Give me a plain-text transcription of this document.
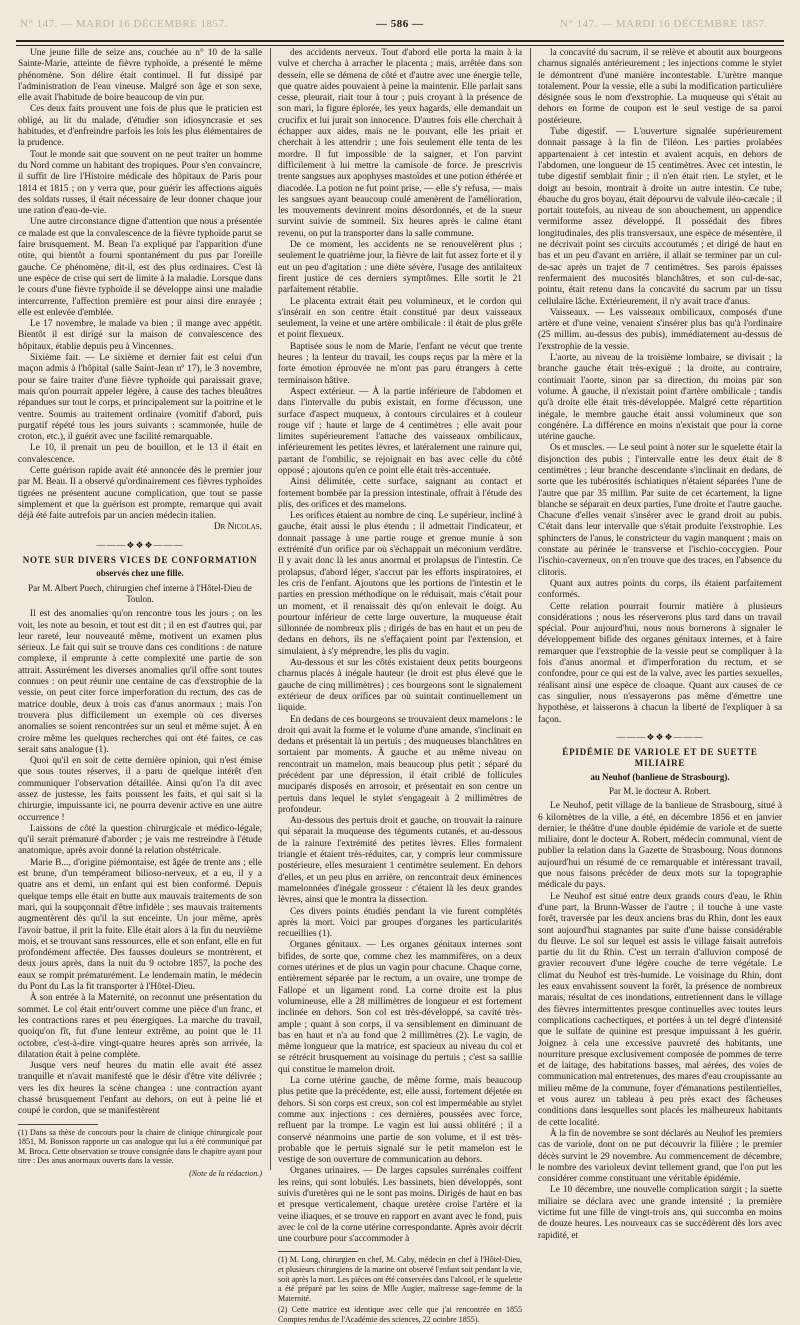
N° 147. — MARDI 16 DÉCEMBRE 1857.	— 586 —	N° 147. — MARDI 16 DÉCEMBRE 1857.

Une jeune fille de seize ans, couchée au n° 10 de la salle Sainte-Marie, atteinte de fièvre typhoïde, a présenté le même phénomène. Son délire était continuel. Il fut dissipé par l'administration de l'eau vineuse. Malgré son âge et son sexe, elle avait l'habitude de boire beaucoup de vin pur.

Ces deux faits prouvent une fois de plus que le praticien est obligé, au lit du malade, d'étudier son idiosyncrasie et ses habitudes, et d'enfreindre parfois les lois les plus élémentaires de la prudence.

Tout le monde sait que souvent on ne peut traiter un homme du Nord comme un habitant des tropiques. Pour s'en convaincre, il suffit de lire l'Histoire médicale des hôpitaux de Paris pour 1814 et 1815 ; on y verra que, pour guérir les affections aiguës des soldats russes, il était nécessaire de leur donner chaque jour une ration d'eau-de-vie.

Une autre circonstance digne d'attention que nous a présentée ce malade est que la convalescence de la fièvre typhoïde parut se faire brusquement. M. Bean l'a expliqué par l'apparition d'une otite, qui bientôt a fourni spontanément du pus par l'oreille gauche. Ce phénomène, dit-il, est des plus ordinaires. C'est là une espèce de crise qui sert de limite à la maladie. Lorsque dans le cours d'une fièvre typhoïde il se développe ainsi une maladie intercurrente, l'affection première est pour ainsi dire enrayée ; elle est enlevée d'emblée.

Le 17 novembre, le malade va bien ; il mange avec appétit. Bientôt il est dirigé sur la maison de convalescence des hôpitaux, établie depuis peu à Vincennes.

Sixième fait. — Le sixième et dernier fait est celui d'un maçon admis à l'hôpital (salle Saint-Jean nº 17), le 3 novembre, pour se faire traiter d'une fièvre typhoïde qui paraissait grave, mais qu'on pourrait appeler légère, à cause des taches bleuâtres répandues sur tout le corps, et principalement sur la poitrine et le ventre. Soumis au traitement ordinaire (vomitif d'abord, puis purgatif répété tous les jours suivants : scammonée, huile de croton, etc.), il guérit avec une facilité remarquable.

Le 10, il prenait un peu de bouillon, et le 13 il était en convalescence.

Cette guérison rapide avait été annoncée dès le premier jour par M. Beau. Il a observé qu'ordinairement ces fièvres typhoïdes tigrées ne présentent aucune complication, que tout se passe simplement et que la guérison est prompte, remarque qui avait déjà été faite autrefois par un ancien médecin italien.

Dr Nicolas.

———❖❖❖———
NOTE SUR DIVERS VICES DE CONFORMATION
observés chez une fille.
Par M. Albert Puech, chirurgien chef interne à l'Hôtel-Dieu de Toulon.

Il est des anomalies qu'on rencontre tous les jours ; on les voit, les note au besoin, et tout est dit ; il en est d'autres qui, par leur rareté, leur nouveauté même, motivent un examen plus sérieux. Le fait qui suit se trouve dans ces conditions : de nature complexe, il emprunte à cette complexité une partie de son attrait. Assurément les diverses anomalies qu'il offre sont toutes connues : on peut réunir une centaine de cas d'exstrophie de la vessie, on peut citer force imperforation du rectum, des cas de matrice double, deux à trois cas d'anus anormaux ; mais l'on trouvera plus difficilement un exemple où ces diverses anomalies se soient rencontrées sur un seul et même sujet. À en croire même les quelques recherches qui ont été faites, ce cas serait sans analogue (1).

Quoi qu'il en soit de cette dernière opinion, qui n'est émise que sous toutes réserves, il a paru de quelque intérêt d'en communiquer l'observation détaillée. Ainsi qu'on l'a dit avec assez de justesse, les faits poussent les faits, et qui sait si la chirurgie, impuissante ici, ne pourra devenir active en une autre occurrence !

Laissons de côté la question chirurgicale et médico-légale, qu'il serait prématuré d'aborder ; je vais me restreindre à l'étude anatomique, après avoir donné la relation obstétricale.

Marie B..., d'origine piémontaise, est âgée de trente ans ; elle est brune, d'un tempérament bilioso-nerveux, et a eu, il y a quatre ans et demi, un enfant qui est bien conformé. Depuis quelque temps elle était en butte aux mauvais traitements de son mari, qui la soupçonnait d'être infidèle ; ses mauvais traitements augmentèrent dès qu'il la sut enceinte. Un jour même, après l'avoir battue, il prit la fuite. Elle était alors à la fin du neuvième mois, et se trouvant sans ressources, elle et son enfant, elle en fut profondément affectée. Des fausses douleurs se montrèrent, et deux jours après, dans la nuit du 9 octobre 1857, la poche des eaux se rompit prématurément. Le lendemain matin, le médecin du Pont du Las la fit transporter à l'Hôtel-Dieu.

À son entrée à la Maternité, on reconnut une présentation du sommet. Le col était entr'ouvert comme une pièce d'un franc, et les contractions rares et peu énergiques. La marche du travail, quoiqu'on fît, fut d'une lenteur extrême, au point que le 11 octobre, c'est-à-dire vingt-quatre heures après son arrivée, la dilatation était à peine complète.

Jusque vers neuf heures du matin elle avait été assez tranquille et n'avait manifesté que le désir d'être vite délivrée ; vers les dix heures la scène changea : une contraction ayant chassé brusquement l'enfant au dehors, on eut à peine lié et coupé le cordon, que se manifestèrent

(1) Dans sa thèse de concours pour la chaire de clinique chirurgicale pour 1851, M. Bonisson rapporte un cas analogue qui lui a été communiqué par M. Broca. Cette observation se trouve consignée dans le chapitre ayant pour titre : Des anus anormaux ouverts dans la vessie.

(Note de la rédaction.)

des accidents nerveux. Tout d'abord elle porta la main à la vulve et chercha à arracher le placenta ; mais, arrêtée dans son dessein, elle se démena de côté et d'autre avec une énergie telle, que quatre aides pouvaient à peine la maintenir. Elle parlait sans cesse, pleurait, riait tour à tour ; puis croyant à la présence de son mari, la figure éplorée, les yeux hagards, elle demandait un crucifix et lui jurait son innocence. D'autres fois elle cherchait à échapper aux aides, mais ne le pouvant, elle les priait et cherchait à les attendrir ; une fois seulement elle tenta de les mordre. Il fut impossible de la saigner, et l'on parvint difficilement à lui mettre la camisole de force. Je prescrivis trente sangsues aux apophyses mastoïdes et une potion éthérée et diacodée. La potion ne fut point prise, — elle s'y refusa, — mais les sangsues ayant beaucoup coulé amenèrent de l'amélioration, les mouvements devinrent moins désordonnés, et de la sueur survint suivie de sommeil. Six heures après le calme étant revenu, on put la transporter dans la salle commune.

De ce moment, les accidents ne se renouvelèrent plus ; seulement le quatrième jour, la fièvre de lait fut assez forte et il y eut un peu d'agitation : une diète sévère, l'usage des antilaiteux firent justice de ces derniers symptômes. Elle sortit le 21 parfaitement rétablie.

Le placenta extrait était peu volumineux, et le cordon qui s'insérait en son centre était constitué par deux vaisseaux seulement, la veine et une artère ombilicale : il était de plus grêle et point flexueux.

Baptisée sous le nom de Marie, l'enfant ne vécut que trente heures ; la lenteur du travail, les coups reçus par la mère et la forte émotion éprouvée ne m'ont pas paru étrangers à cette terminaison hâtive.

Aspect extérieur. — À la partie inférieure de l'abdomen et dans l'intervalle du pubis existait, en forme d'écusson, une surface d'aspect muqueux, à contours circulaires et à couleur rouge vif ; haute et large de 4 centimètres ; elle avait pour limites supérieurement l'attache des vaisseaux ombilicaux, inférieurement les petites lèvres, et latéralement une rainure qui, partant de l'ombilic, se rejoignait en bas avec celle du côté opposé ; ajoutons qu'en ce point elle était très-accentuée.

Ainsi délimitée, cette surface, saignant au contact et fortement bombée par la pression intestinale, offrait à l'étude des plis, des orifices et des mamelons.

Les orifices étaient au nombre de cinq. Le supérieur, incliné à gauche, était aussi le plus étendu ; il admettait l'indicateur, et donnait passage à une partie rouge et grenue munie à son extrémité d'un orifice par où s'échappait un méconium verdâtre. Il y avait donc là les anus anormal et prolapsus de l'intestin. Ce prolapsus, d'abord léger, s'accrut par les efforts inspiratoires, et les cris de l'enfant. Ajoutons que les portions de l'intestin et le parties en pression méthodique on le réduisait, mais c'était pour un moment, et il renaissait dès qu'on enlevait le doigt. Au pourtour inférieur de cette large ouverture, la muqueuse était sillonnée de nombreux plis ; dirigés de bas en haut et un peu de dedans en dehors, ils ne s'effaçaient point par l'extension, et simulaient, à s'y méprendre, les plis du vagin.

Au-dessous et sur les côtés existaient deux petits bourgeons charnus placés à inégale hauteur (le droit est plus élevé que le gauche de cinq millimètres) ; ces bourgeons sont le signalement extérieur de deux orifices par où suintait continuellement un liquide.

En dedans de ces bourgeons se trouvaient deux mamelons : le droit qui avait la forme et le volume d'une amande, s'inclinait en dedans et présentait là un pertuis ; des muqueuses blanchâtres en sortaient par moments. À gauche et au même niveau on rencontrait un mamelon, mais beaucoup plus petit ; séparé du précédent par une dépression, il était criblé de follicules muciparés disposés en arrosoir, et présentait en son centre un pertuis dans lequel le stylet s'engageait à 2 millimètres de profondeur.

Au-dessous des pertuis droit et gauche, on trouvait la rainure qui séparait la muqueuse des téguments cutanés, et au-dessous de la rainure l'extrémité des petites lèvres. Elles formaient triangle et étaient très-réduites, car, y compris leur commissure postérieure, elles mesuraient 1 centimètre seulement. En dehors d'elles, et un peu plus en arrière, on rencontrait deux éminences mamelonnées d'inégale grosseur : c'étaient là les deux grandes lèvres, ainsi que le montra la dissection.

Ces divers points étudiés pendant la vie furent complétés après la mort. Voici par groupes d'organes les particularités recueillies (1).

Organes génitaux. — Les organes génitaux internes sont bifides, de sorte que, comme chez les mammifères, on a deux cornes utérines et de plus un vagin pour chacune. Chaque corne, entièrement séparée par le rectum, a un ovaire, une trompe de Fallope et un ligament rond. La corne droite est la plus volumineuse, elle a 28 millimètres de longueur et est fortement inclinée en dehors. Son col est très-développé, sa cavité très-ample ; quant à son corps, il va sensiblement en diminuant de bas en haut et n'a au fond que 2 millimètres (2). Le vagin, de même longueur que la matrice, est spacieux au niveau du col et se rétrécit brusquement au voisinage du pertuis ; c'est sa saillie qui constitue le mamelon droit.

La corne utérine gauche, de même forme, mais beaucoup plus petite que la précédente, est, elle aussi, fortement déjetée en dehors. Si son corps est creux, son col est imperméable au stylet comme aux injections : ces dernières, poussées avec force, refluent par la trompe. Le vagin est lui aussi oblitéré ; il a conservé néanmoins une partie de son volume, et il est très-probable que le pertuis signalé sur le petit mamelon est le vestige de son ouverture de communication au dehors.

Organes urinaires. — De larges capsules surrénales coiffent les reins, qui sont lobulés. Les bassinets, bien développés, sont suivis d'uretères qui ne le sont pas moins. Dirigés de haut en bas et presque verticalement, chaque uretère croise l'artère et la veine iliaques, et se trouve en rapport en avant avec le fond, puis avec le col de la corne utérine correspondante. Après avoir décrit une courbure pour s'accommoder à

(1) M. Long, chirurgien en chef, M. Caby, médecin en chef à l'Hôtel-Dieu, et plusieurs chirurgiens de la marine ont observé l'enfant soit pendant la vie, soit après la mort. Les pièces ont été conservées dans l'alcool, et le squelette a été préparé par les soins de Mlle Augier, maîtresse sage-femme de la Maternité.

(2) Cette matrice est identique avec celle que j'ai rencontrée en 1855 Comptes rendus de l'Académie des sciences, 22 octobre 1855).

la concavité du sacrum, il se relève et aboutit aux bourgeons charnus signalés antérieurement ; les injections comme le stylet le démontrent d'une manière incontestable. L'urètre manque totalement. Pour la vessie, elle a subi la modification particulière désignée sous le nom d'exstrophie. La muqueuse qui s'était au dehors en forme de coupon est le seul vestige de sa paroi postérieure.

Tube digestif. — L'ouverture signalée supérieurement donnait passage à la fin de l'iléon. Les parties prolabées appartenaient à cet intestin et avaient acquis, en dehors de l'abdomen, une longueur de 15 centimètres. Avec cet intestin, le tube digestif semblait finir ; il n'en était rien. Le stylet, et le doigt au besoin, montrait à droite un autre intestin. Ce tube, ébauche du gros boyau, était dépourvu de valvule iléo-cæcale ; il portait toutefois, au niveau de son abouchement, un appendice vermiforme assez développé. Il possédait des fibres longitudinales, des plis transversaux, une espèce de mésentère, il ne décrivait point ses circuits accoutumés ; et dirigé de haut en bas et un peu d'avant en arrière, il allait se terminer par un cul-de-sac après un trajet de 7 centimètres. Ses parois épaisses renfermaient des mucosités blanchâtres, et son cul-de-sac, pointu, était retenu dans la concavité du sacrum par un tissu cellulaire lâche. Extérieurement, il n'y avait trace d'anus.

Vaisseaux. — Les vaisseaux ombilicaux, composés d'une artère et d'une veine, venaient s'insérer plus bas qu'à l'ordinaire (25 millim. au-dessus des pubis), immédiatement au-dessus de l'exstrophie de la vessie.

L'aorte, au niveau de la troisième lombaire, se divisait ; la branche gauche était très-exiguë ; la droite, au contraire, continuait l'aorte, sinon par sa direction, du moins par son volume. À gauche, il n'existait point d'artère ombilicale ; tandis qu'à droite elle était très-développée. Malgré cette répartition inégale, le membre gauche était aussi volumineux que son congénère. La différence en moins n'existait que pour la corne utérine gauche.

Os et muscles. — Le seul point à noter sur le squelette était la disjonction des pubis ; l'intervalle entre les deux était de 8 centimètres ; leur branche descendante s'inclinait en dedans, de sorte que les tubérosités ischiatiques n'étaient séparées l'une de l'autre que par 35 millim. Par suite de cet écartement, la ligne blanche se séparait en deux parties, l'une droite et l'autre gauche. Chacune d'elles venait s'insérer avec le grand droit au pubis. C'était dans leur intervalle que s'était produite l'exstrophie. Les sphincters de l'anus, le constricteur du vagin manquent ; mais on constate au périnée le transverse et l'ischio-coccygien. Pour l'ischio-caverneux, on n'en trouve que des traces, en l'absence du clitoris.

Quant aux autres points du corps, ils étaient parfaitement conformés.

Cette relation pourrait fournir matière à plusieurs considérations ; nous les réserverons plus tard dans un travail spécial. Pour aujourd'hui, nous nous bornerons à signaler le développement bifide des organes génitaux internes, et à faire remarquer que l'exstrophie de la vessie peut se compliquer à la fois d'anus anormal et d'imperforation du rectum, et se confondre, pour ce qui est de la valve, avec les parties sexuelles, réalisant ainsi une espèce de cloaque. Quant aux causes de ce cas singulier, nous n'essayerons pas même d'émettre une hypothèse, et laisserons à chacun la liberté de l'expliquer à sa façon.

———❖❖❖———
ÉPIDÉMIE DE VARIOLE ET DE SUETTE MILIAIRE
au Neuhof (banlieue de Strasbourg).
Par M. le docteur A. Robert.

Le Neuhof, petit village de la banlieue de Strasbourg, situé à 6 kilomètres de la ville, a été, en décembre 1856 et en janvier dernier, le théâtre d'une double épidémie de variole et de suette miliaire, dont le docteur A. Robert, médecin communal, vient de publier la relation dans la Gazette de Strasbourg. Nous donnons aujourd'hui un résumé de ce remarquable et intéressant travail, que nous faisons précéder de deux mots sur la topographie médicale du pays.

Le Neuhof est situé entre deux grands cours d'eau, le Rhin d'une part, la Brunn-Wasser de l'autre ; il touche à une vaste forêt, traversée par les deux anciens bras du Rhin, dont les eaux sont aujourd'hui stagnantes par suite d'une baisse considérable du fleuve. Le sol sur lequel est assis le village faisait autrefois partie du lit du Rhin. C'est un terrain d'alluvion composé de gravier recouvert d'une légère couche de terre végétale. Le climat du Neuhof est très-humide. Le voisinage du Rhin, dont les eaux envahissent souvent la forêt, la présence de nombreux marais, résultat de ces inondations, entretiennent dans le village des fièvres intermittentes presque continuelles avec toutes leurs complications cachectiques, et portées à un tel degré d'intensité que le sulfate de quinine est presque impuissant à les guérir. Joignez à cela une excessive pauvreté des habitants, une nourriture presque exclusivement composée de pommes de terre et de laitage, des habitations basses, mal aérées, des voies de communication mal entretenues, des mares d'eau croupissante au milieu même de la commune, foyer d'émanations pestilentielles, et vous aurez un tableau à peu près exact des fâcheuses conditions dans lesquelles sont placés les malheureux habitants de cette localité.

À la fin de novembre se sont déclarés au Neuhof les premiers cas de variole, dont on ne put découvrir la filière ; le premier décès survint le 29 novembre. Au commencement de décembre, le nombre des varioleux devint tellement grand, que l'on put les considérer comme constituant une véritable épidémie.

Le 10 décembre, une nouvelle complication surgit ; la suette miliaire se déclara avec une grande intensité ; la première victime fut une fille de vingt-trois ans, qui succomba en moins de douze heures. Les nouveaux cas se succédèrent dès lors avec rapidité, et
